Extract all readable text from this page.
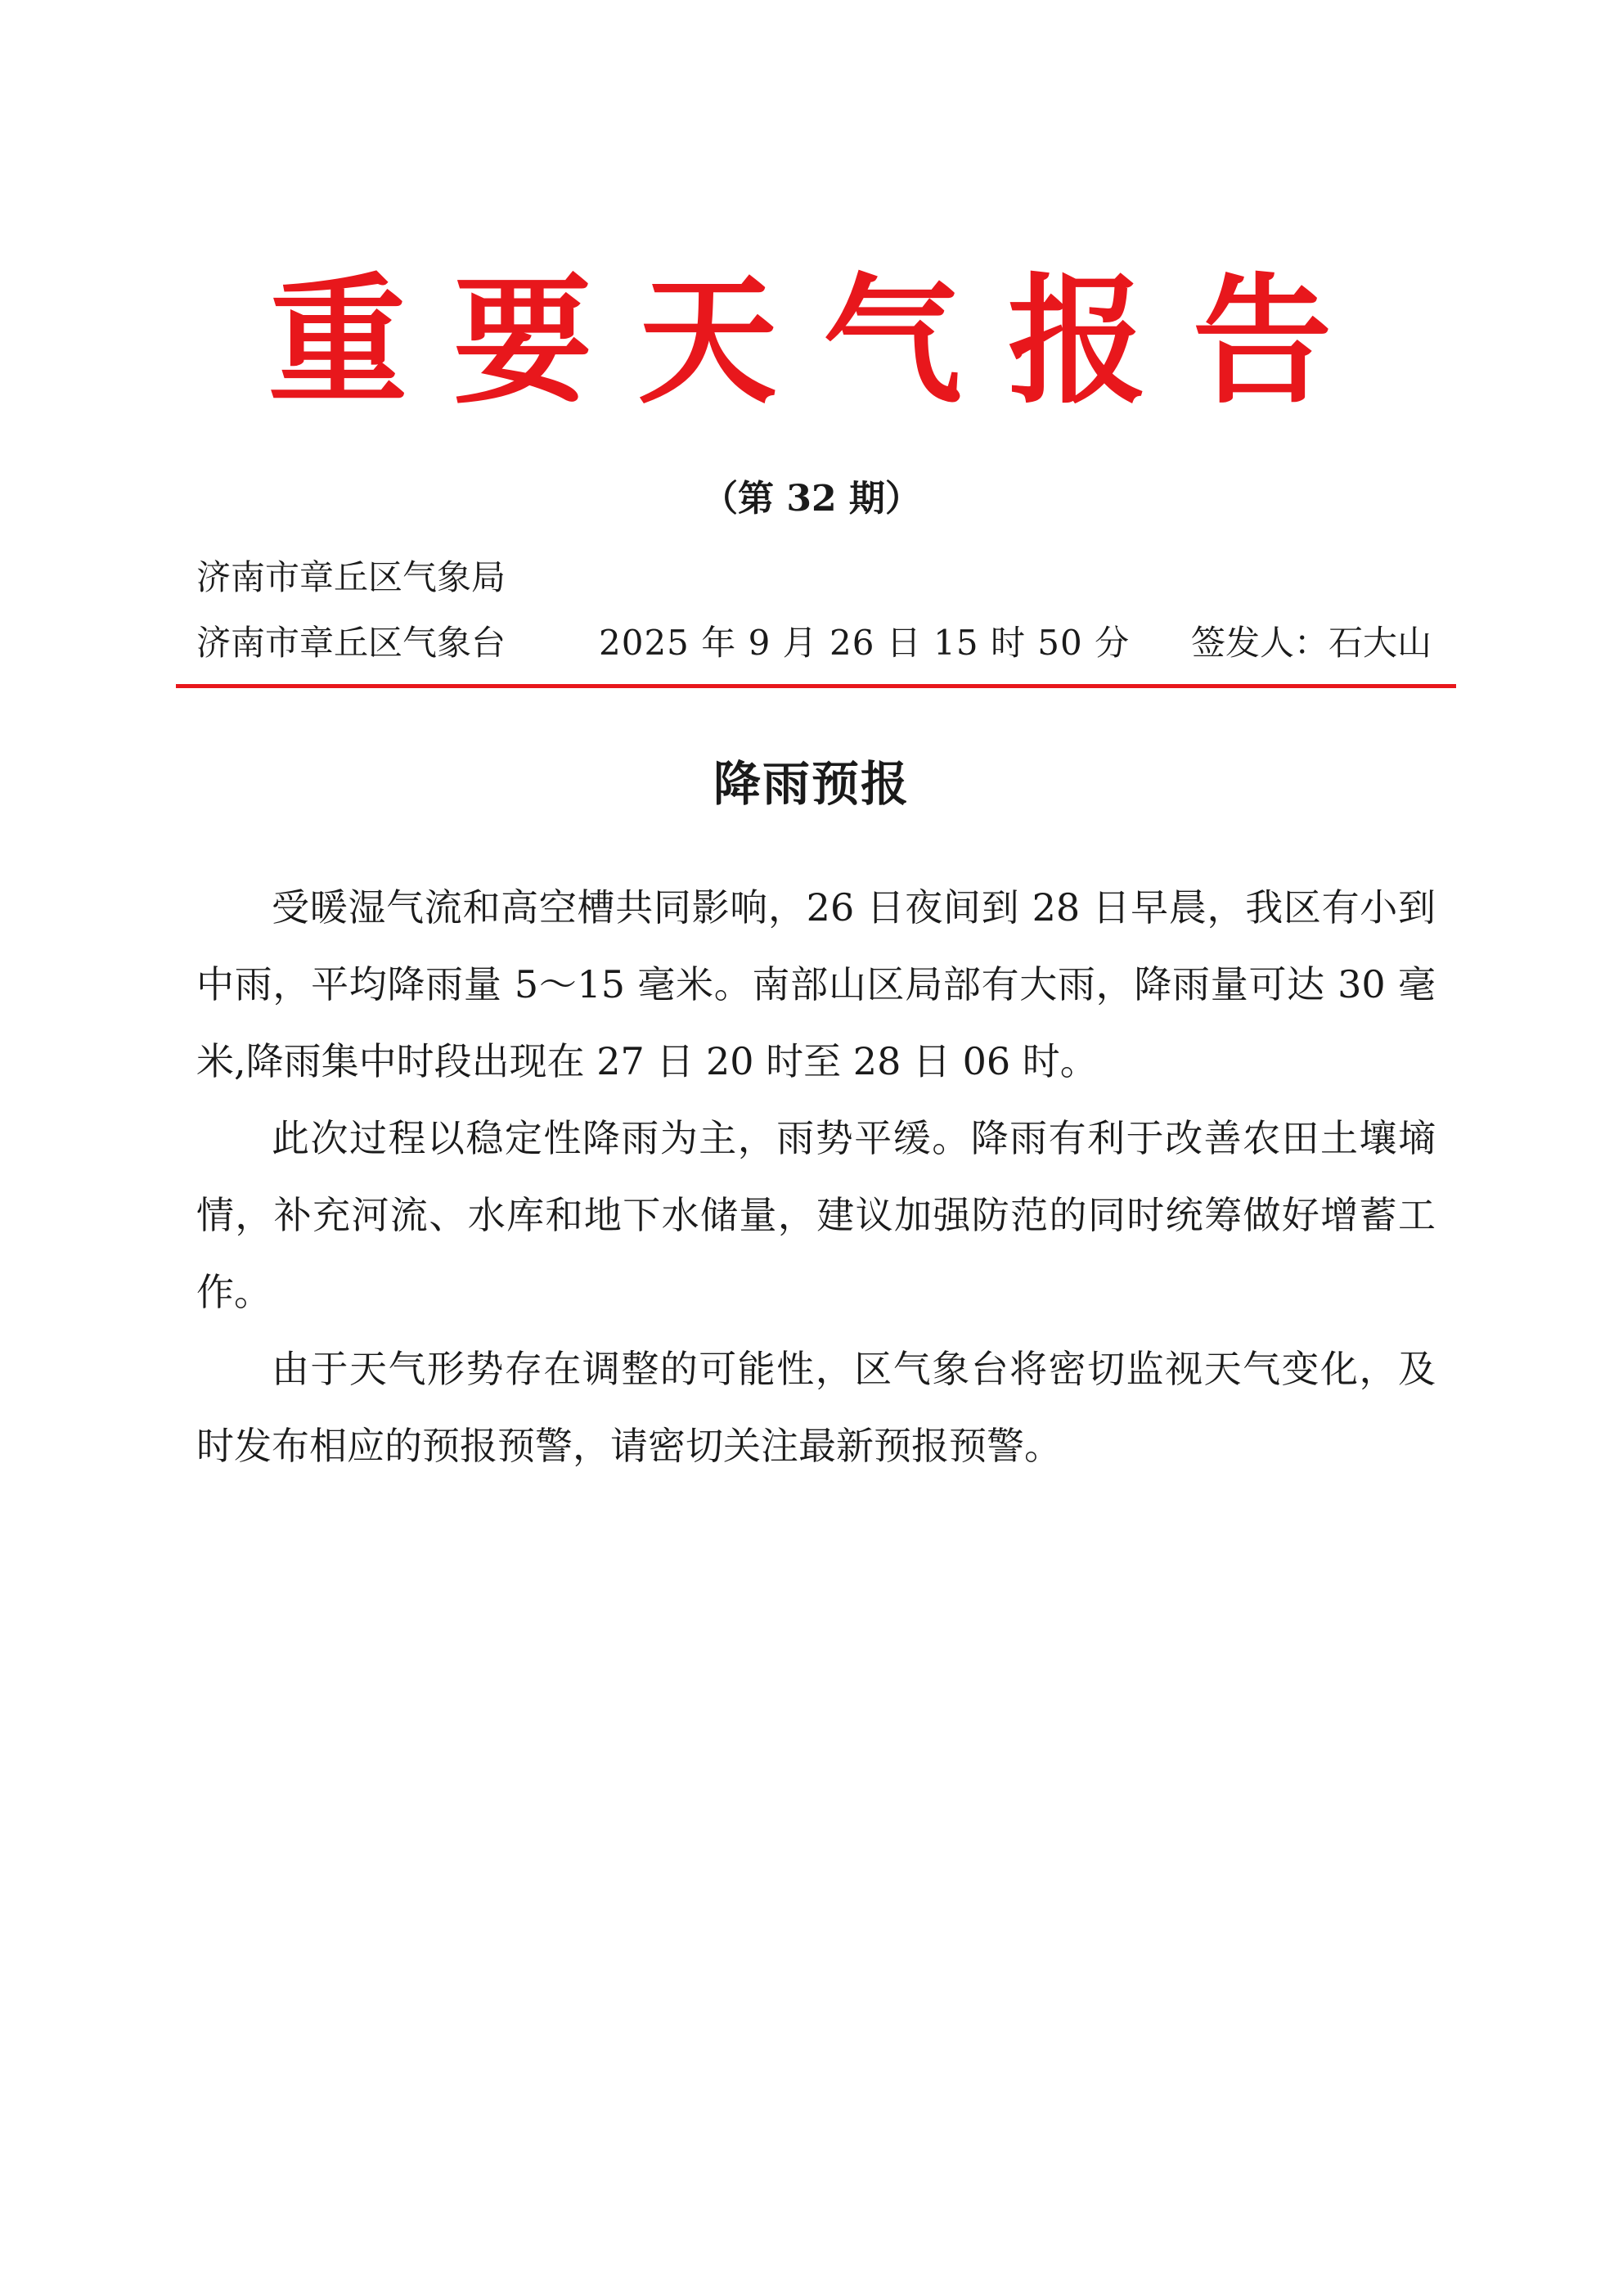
重要天气报告
（第 32 期）
济南市章丘区气象局
济南市章丘区气象台	2025 年 9 月 26 日 15 时 50 分 签发人：石大山
降雨预报

受暖湿气流和高空槽共同影响，26 日夜间到 28 日早晨，我区有小到中雨，平均降雨量 5～15 毫米。南部山区局部有大雨，降雨量可达 30 毫米,降雨集中时段出现在 27 日 20 时至 28 日 06 时。

此次过程以稳定性降雨为主，雨势平缓。降雨有利于改善农田土壤墒情，补充河流、水库和地下水储量，建议加强防范的同时统筹做好增蓄工作。

由于天气形势存在调整的可能性，区气象台将密切监视天气变化，及时发布相应的预报预警，请密切关注最新预报预警。
